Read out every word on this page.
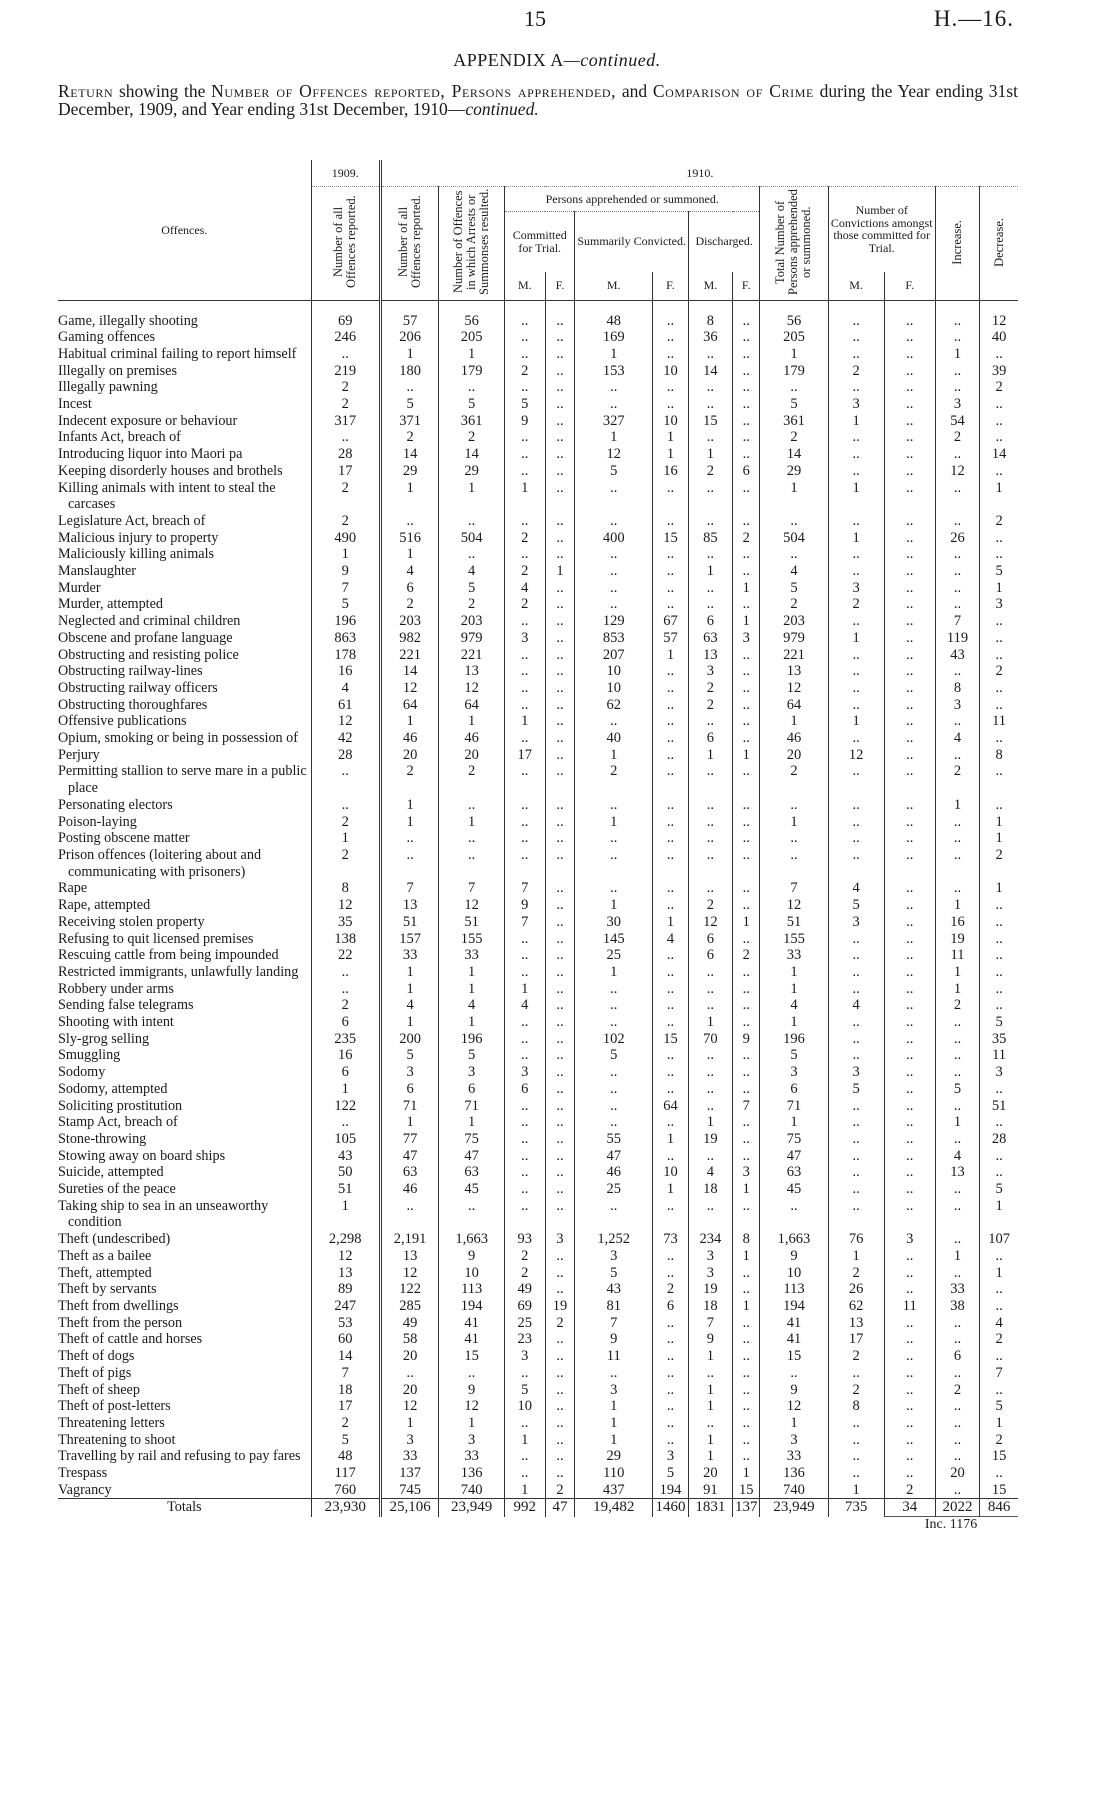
15	H.—16.
APPENDIX A—continued.
Return showing the Number of Offences reported, Persons apprehended, and Comparison of Crime during the Year ending 31st December, 1909, and Year ending 31st December, 1910—continued.
Offences.	1909.	1910.												
	Number of all Offences reported.	Number of all Offences reported.	Number of Offences in which Arrests or Summonses resulted.	Persons apprehended or summoned.						Total Number of Persons apprehended or summoned.	Number of Convictions amongst those committed for Trial.		Increase.	Decrease.
				Committed for Trial.		Summarily Convicted.		Discharged.						
				M.	F.	M.	F.	M.	F.		M.	F.		

Game, illegally shooting	69	57	56	..	..	48	..	8	..	56	..	..	..	12
Gaming offences	246	206	205	..	..	169	..	36	..	205	..	..	..	40
Habitual criminal failing to report himself	..	1	1	..	..	1	..	..	..	1	..	..	1	..
Illegally on premises	219	180	179	2	..	153	10	14	..	179	2	..	..	39
Illegally pawning	2	..	..	..	..	..	..	..	..	..	..	..	..	2
Incest	2	5	5	5	..	..	..	..	..	5	3	..	3	..
Indecent exposure or behaviour	317	371	361	9	..	327	10	15	..	361	1	..	54	..
Infants Act, breach of	..	2	2	..	..	1	1	..	..	2	..	..	2	..
Introducing liquor into Maori pa	28	14	14	..	..	12	1	1	..	14	..	..	..	14
Keeping disorderly houses and brothels	17	29	29	..	..	5	16	2	6	29	..	..	12	..
Killing animals with intent to steal the carcases	2	1	1	1	..	..	..	..	..	1	1	..	..	1
Legislature Act, breach of	2	..	..	..	..	..	..	..	..	..	..	..	..	2
Malicious injury to property	490	516	504	2	..	400	15	85	2	504	1	..	26	..
Maliciously killing animals	1	1	..	..	..	..	..	..	..	..	..	..	..	..
Manslaughter	9	4	4	2	1	..	..	1	..	4	..	..	..	5
Murder	7	6	5	4	..	..	..	..	1	5	3	..	..	1
Murder, attempted	5	2	2	2	..	..	..	..	..	2	2	..	..	3
Neglected and criminal children	196	203	203	..	..	129	67	6	1	203	..	..	7	..
Obscene and profane language	863	982	979	3	..	853	57	63	3	979	1	..	119	..
Obstructing and resisting police	178	221	221	..	..	207	1	13	..	221	..	..	43	..
Obstructing railway-lines	16	14	13	..	..	10	..	3	..	13	..	..	..	2
Obstructing railway officers	4	12	12	..	..	10	..	2	..	12	..	..	8	..
Obstructing thoroughfares	61	64	64	..	..	62	..	2	..	64	..	..	3	..
Offensive publications	12	1	1	1	..	..	..	..	..	1	1	..	..	11
Opium, smoking or being in possession of	42	46	46	..	..	40	..	6	..	46	..	..	4	..
Perjury	28	20	20	17	..	1	..	1	1	20	12	..	..	8
Permitting stallion to serve mare in a public place	..	2	2	..	..	2	..	..	..	2	..	..	2	..
Personating electors	..	1	..	..	..	..	..	..	..	..	..	..	1	..
Poison-laying	2	1	1	..	..	1	..	..	..	1	..	..	..	1
Posting obscene matter	1	..	..	..	..	..	..	..	..	..	..	..	..	1
Prison offences (loitering about and communicating with prisoners)	2	..	..	..	..	..	..	..	..	..	..	..	..	2
Rape	8	7	7	7	..	..	..	..	..	7	4	..	..	1
Rape, attempted	12	13	12	9	..	1	..	2	..	12	5	..	1	..
Receiving stolen property	35	51	51	7	..	30	1	12	1	51	3	..	16	..
Refusing to quit licensed premises	138	157	155	..	..	145	4	6	..	155	..	..	19	..
Rescuing cattle from being impounded	22	33	33	..	..	25	..	6	2	33	..	..	11	..
Restricted immigrants, unlawfully landing	..	1	1	..	..	1	..	..	..	1	..	..	1	..
Robbery under arms	..	1	1	1	..	..	..	..	..	1	..	..	1	..
Sending false telegrams	2	4	4	4	..	..	..	..	..	4	4	..	2	..
Shooting with intent	6	1	1	..	..	..	..	1	..	1	..	..	..	5
Sly-grog selling	235	200	196	..	..	102	15	70	9	196	..	..	..	35
Smuggling	16	5	5	..	..	5	..	..	..	5	..	..	..	11
Sodomy	6	3	3	3	..	..	..	..	..	3	3	..	..	3
Sodomy, attempted	1	6	6	6	..	..	..	..	..	6	5	..	5	..
Soliciting prostitution	122	71	71	..	..	..	64	..	7	71	..	..	..	51
Stamp Act, breach of	..	1	1	..	..	..	..	1	..	1	..	..	1	..
Stone-throwing	105	77	75	..	..	55	1	19	..	75	..	..	..	28
Stowing away on board ships	43	47	47	..	..	47	..	..	..	47	..	..	4	..
Suicide, attempted	50	63	63	..	..	46	10	4	3	63	..	..	13	..
Sureties of the peace	51	46	45	..	..	25	1	18	1	45	..	..	..	5
Taking ship to sea in an unseaworthy condition	1	..	..	..	..	..	..	..	..	..	..	..	..	1
Theft (undescribed)	2,298	2,191	1,663	93	3	1,252	73	234	8	1,663	76	3	..	107
Theft as a bailee	12	13	9	2	..	3	..	3	1	9	1	..	1	..
Theft, attempted	13	12	10	2	..	5	..	3	..	10	2	..	..	1
Theft by servants	89	122	113	49	..	43	2	19	..	113	26	..	33	..
Theft from dwellings	247	285	194	69	19	81	6	18	1	194	62	11	38	..
Theft from the person	53	49	41	25	2	7	..	7	..	41	13	..	..	4
Theft of cattle and horses	60	58	41	23	..	9	..	9	..	41	17	..	..	2
Theft of dogs	14	20	15	3	..	11	..	1	..	15	2	..	6	..
Theft of pigs	7	..	..	..	..	..	..	..	..	..	..	..	..	7
Theft of sheep	18	20	9	5	..	3	..	1	..	9	2	..	2	..
Theft of post-letters	17	12	12	10	..	1	..	1	..	12	8	..	..	5
Threatening letters	2	1	1	..	..	1	..	..	..	1	..	..	..	1
Threatening to shoot	5	3	3	1	..	1	..	1	..	3	..	..	..	2
Travelling by rail and refusing to pay fares	48	33	33	..	..	29	3	1	..	33	..	..	..	15
Trespass	117	137	136	..	..	110	5	20	1	136	..	..	20	..
Vagrancy	760	745	740	1	2	437	194	91	15	740	1	2	..	15
Totals	23,930	25,106	23,949	992	47	19,482	1460	1831	137	23,949	735	34	2022	846
												Inc. 1176		
